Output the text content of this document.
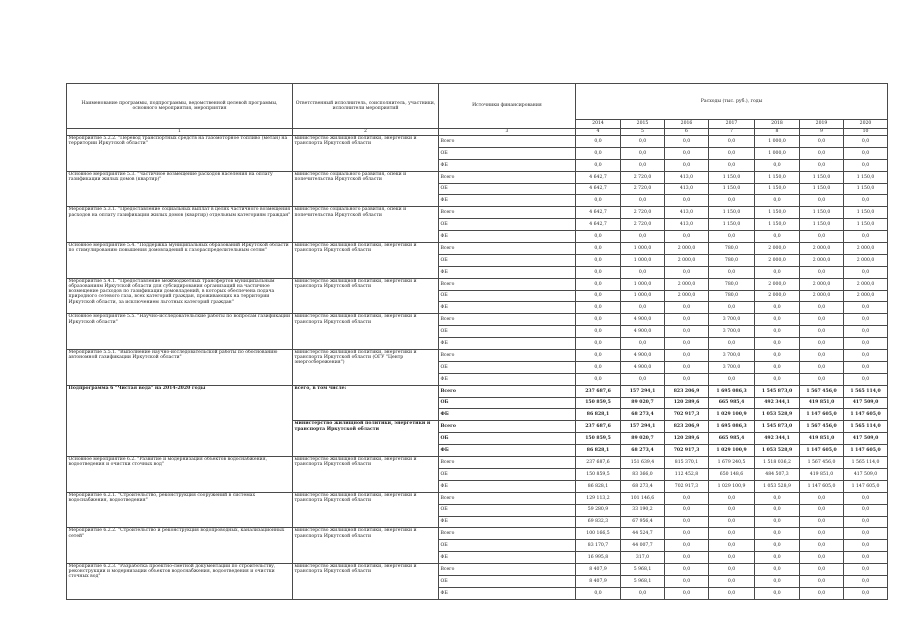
Наименование программы, подпрограммы, ведомственной целевой программы, основного мероприятия, мероприятия	Ответственный исполнитель, соисполнитель, участники, исполнители мероприятий	Источники финансирования	Расходы (тыс. руб.), годы						
			2014	2015	2016	2017	2018	2019	2020
1	2	3	4	5	6	7	8	9	10
Мероприятие 5.2.2. "Перевод транспортных средств на газомоторное топливо (метан) на территории Иркутской области"	министерство жилищной политики, энергетики и транспорта Иркутской области	Всего	0,0	0,0	0,0	0,0	1 000,0	0,0	0,0
		ОБ	0,0	0,0	0,0	0,0	1 000,0	0,0	0,0
		ФБ	0,0	0,0	0,0	0,0	0,0	0,0	0,0
Основное мероприятие 5.3. "Частичное возмещение расходов населения на оплату газификации жилых домов (квартир)"	министерство социального развития, опеки и попечительства Иркутской области	Всего	4 642,7	2 720,0	413,0	1 150,0	1 150,0	1 150,0	1 150,0
		ОБ	4 642,7	2 720,0	413,0	1 150,0	1 150,0	1 150,0	1 150,0
		ФБ	0,0	0,0	0,0	0,0	0,0	0,0	0,0
Мероприятие 5.3.1. "Предоставление социальных выплат в целях частичного возмещения расходов на оплату газификации жилых домов (квартир) отдельным категориям граждан"	министерство социального развития, опеки и попечительства Иркутской области	Всего	4 642,7	2 720,0	413,0	1 150,0	1 150,0	1 150,0	1 150,0
		ОБ	4 642,7	2 720,0	413,0	1 150,0	1 150,0	1 150,0	1 150,0
		ФБ	0,0	0,0	0,0	0,0	0,0	0,0	0,0
Основное мероприятие 5.4. "Поддержка муниципальных образований Иркутской области по стимулированию повышения домовладений к газораспределительным сетям"	министерство жилищной политики, энергетики и транспорта Иркутской области	Всего	0,0	1 000,0	2 000,0	780,0	2 000,0	2 000,0	2 000,0
		ОБ	0,0	1 000,0	2 000,0	780,0	2 000,0	2 000,0	2 000,0
		ФБ	0,0	0,0	0,0	0,0	0,0	0,0	0,0
Мероприятие 5.4.1. "Предоставление межбюджетных трансфертов муниципальным образованиям Иркутской области для субсидирования организаций на частичное возмещение расходов по газификации домовладений, в которых обеспечена подача природного сетевого газа, всех категорий граждан, проживающих на территории Иркутской области, за исключением льготных категорий граждан"	министерство жилищной политики, энергетики и транспорта Иркутской области	Всего	0,0	1 000,0	2 000,0	780,0	2 000,0	2 000,0	2 000,0
		ОБ	0,0	1 000,0	2 000,0	780,0	2 000,0	2 000,0	2 000,0
		ФБ	0,0	0,0	0,0	0,0	0,0	0,0	0,0
Основное мероприятие 5.5. "Научно-исследовательские работы по вопросам газификации Иркутской области"	министерство жилищной политики, энергетики и транспорта Иркутской области	Всего	0,0	4 900,0	0,0	3 700,0	0,0	0,0	0,0
		ОБ	0,0	4 900,0	0,0	3 700,0	0,0	0,0	0,0
		ФБ	0,0	0,0	0,0	0,0	0,0	0,0	0,0
Мероприятие 5.5.1. "Выполнение научно-исследовательской работы по обоснованию автономной газификации Иркутской области"	министерство жилищной политики, энергетики и транспорта Иркутской области (ОГУ "Центр энергосбережения")	Всего	0,0	4 900,0	0,0	3 700,0	0,0	0,0	0,0
		ОБ	0,0	4 900,0	0,0	3 700,0	0,0	0,0	0,0
		ФБ	0,0	0,0	0,0	0,0	0,0	0,0	0,0
Подпрограмма 6 "Чистая вода" на 2014-2020 годы	всего, в том числе:	Всего	237 687,6	157 294,1	823 206,9	1 695 086,3	1 545 873,0	1 567 456,0	1 565 114,0
		ОБ	150 859,5	89 020,7	120 289,6	665 985,4	492 344,1	419 851,0	417 509,0
		ФБ	86 828,1	68 273,4	702 917,3	1 029 100,9	1 053 528,9	1 147 605,0	1 147 605,0
	министерство жилищной политики, энергетики и транспорта Иркутской области	Всего	237 687,6	157 294,1	823 206,9	1 695 086,3	1 545 873,0	1 567 456,0	1 565 114,0
		ОБ	150 859,5	89 020,7	120 289,6	665 985,4	492 344,1	419 851,0	417 509,0
		ФБ	86 828,1	68 273,4	702 917,3	1 029 100,9	1 053 528,9	1 147 605,0	1 147 605,0
Основное мероприятие 6.2. "Развитие и модернизация объектов водоснабжения, водоотведения и очистки сточных вод"	министерство жилищной политики, энергетики и транспорта Иркутской области	Всего	237 687,6	151 639,4	815 370,1	1 679 240,5	1 518 036,2	1 567 456,0	1 565 114,0
		ОБ	150 859,5	83 366,0	112 452,8	650 148,6	484 507,3	419 851,0	417 509,0
		ФБ	86 828,1	68 273,4	702 917,3	1 029 100,9	1 053 528,9	1 147 605,0	1 147 605,0
Мероприятие 6.2.1. "Строительство, реконструкция сооружений в системах водоснабжения, водоотведения"	министерство жилищной политики, энергетики и транспорта Иркутской области	Всего	129 113,2	101 146,6	0,0	0,0	0,0	0,0	0,0
		ОБ	59 280,9	33 190,2	0,0	0,0	0,0	0,0	0,0
		ФБ	69 832,3	67 956,4	0,0	0,0	0,0	0,0	0,0
Мероприятие 6.2.2. "Строительство и реконструкция водопроводных, канализационных сетей"	министерство жилищной политики, энергетики и транспорта Иркутской области	Всего	100 166,5	44 524,7	0,0	0,0	0,0	0,0	0,0
		ОБ	83 170,7	44 007,7	0,0	0,0	0,0	0,0	0,0
		ФБ	16 995,8	317,0	0,0	0,0	0,0	0,0	0,0
Мероприятие 6.2.3. "Разработка проектно-сметной документации по строительству, реконструкции и модернизации объектов водоснабжения, водоотведения и очистки сточных вод"	министерство жилищной политики, энергетики и транспорта Иркутской области	Всего	8 407,9	5 968,1	0,0	0,0	0,0	0,0	0,0
		ОБ	8 407,9	5 968,1	0,0	0,0	0,0	0,0	0,0
		ФБ	0,0	0,0	0,0	0,0	0,0	0,0	0,0
